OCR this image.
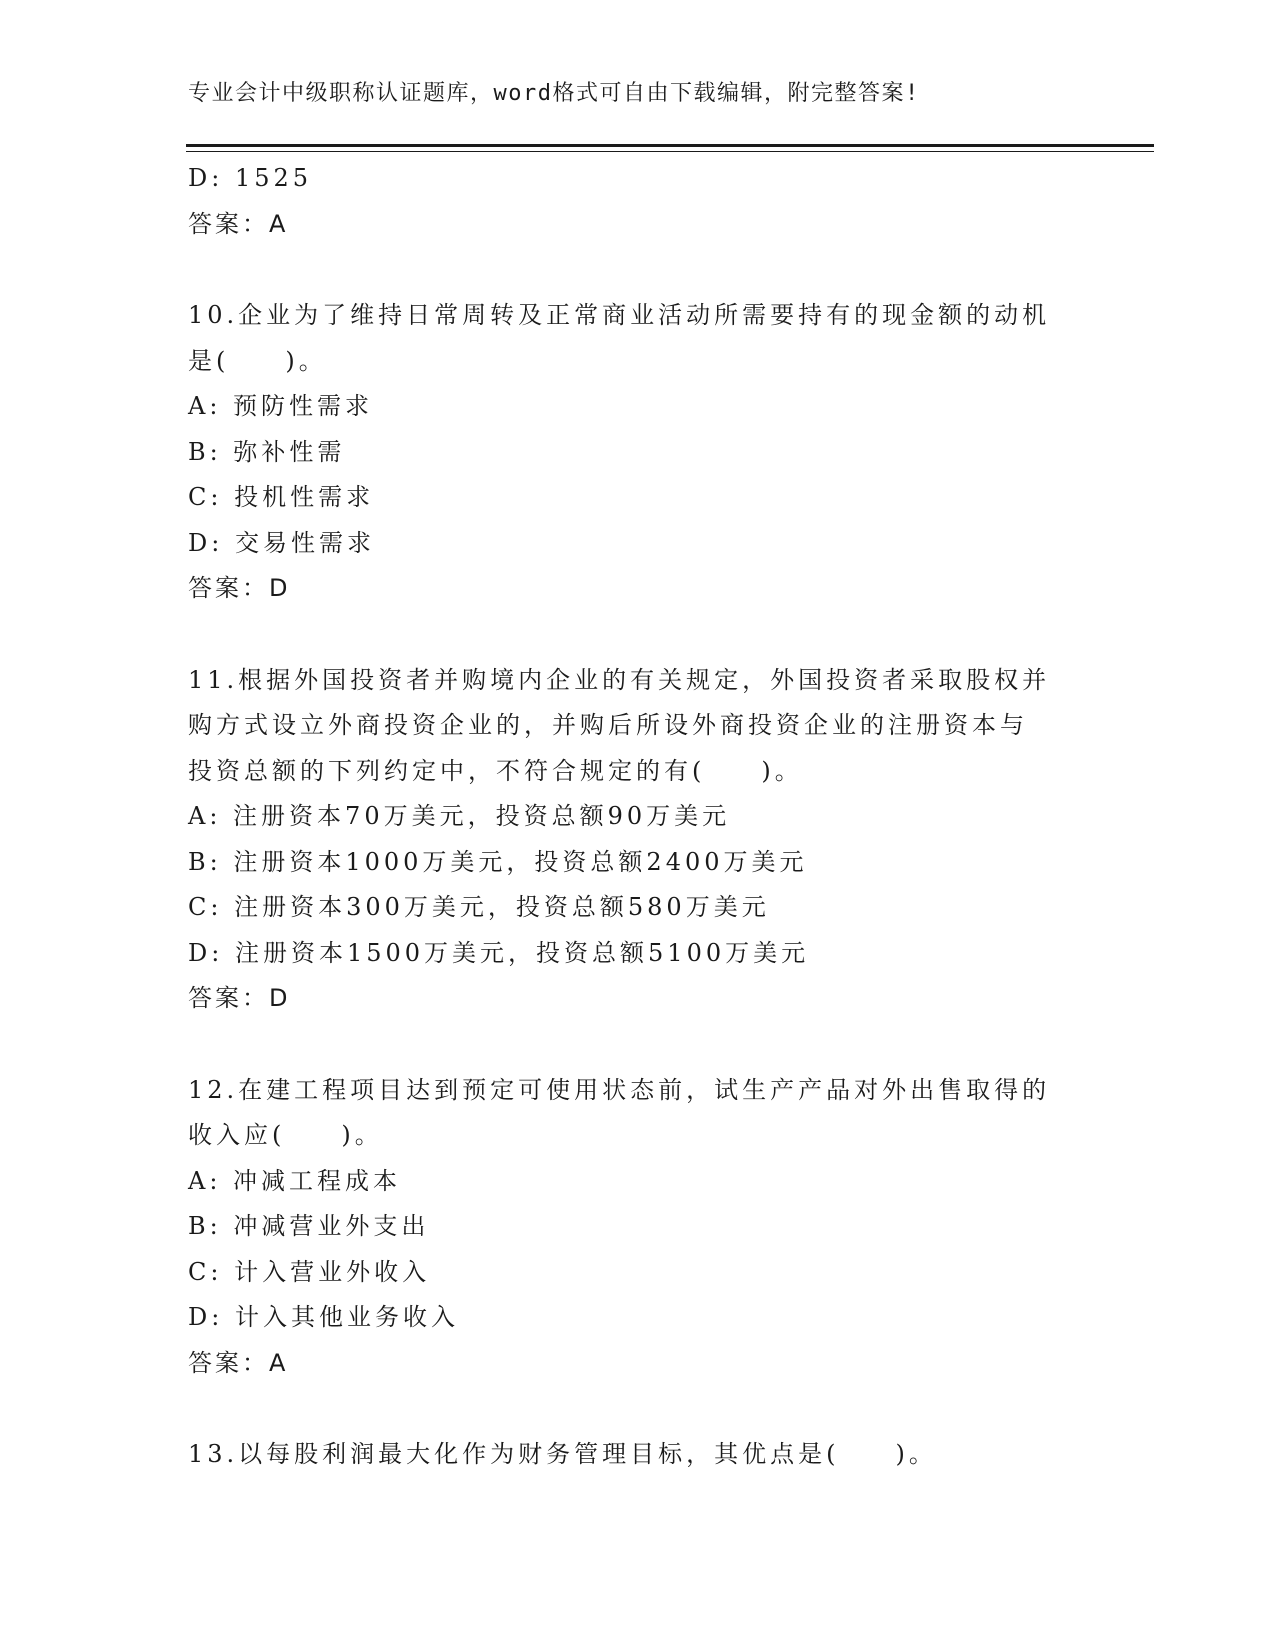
专业会计中级职称认证题库，word格式可自由下载编辑，附完整答案!
D: 1525
答案：A
10.企业为了维持日常周转及正常商业活动所需要持有的现金额的动机
是(　　)。
A: 预防性需求
B: 弥补性需
C: 投机性需求
D: 交易性需求
答案：D
11.根据外国投资者并购境内企业的有关规定，外国投资者采取股权并
购方式设立外商投资企业的，并购后所设外商投资企业的注册资本与
投资总额的下列约定中，不符合规定的有(　　)。
A: 注册资本70万美元，投资总额90万美元
B: 注册资本1000万美元，投资总额2400万美元
C: 注册资本300万美元，投资总额580万美元
D: 注册资本1500万美元，投资总额5100万美元
答案：D
12.在建工程项目达到预定可使用状态前，试生产产品对外出售取得的
收入应(　　)。
A: 冲减工程成本
B: 冲减营业外支出
C: 计入营业外收入
D: 计入其他业务收入
答案：A
13.以每股利润最大化作为财务管理目标，其优点是(　　)。
